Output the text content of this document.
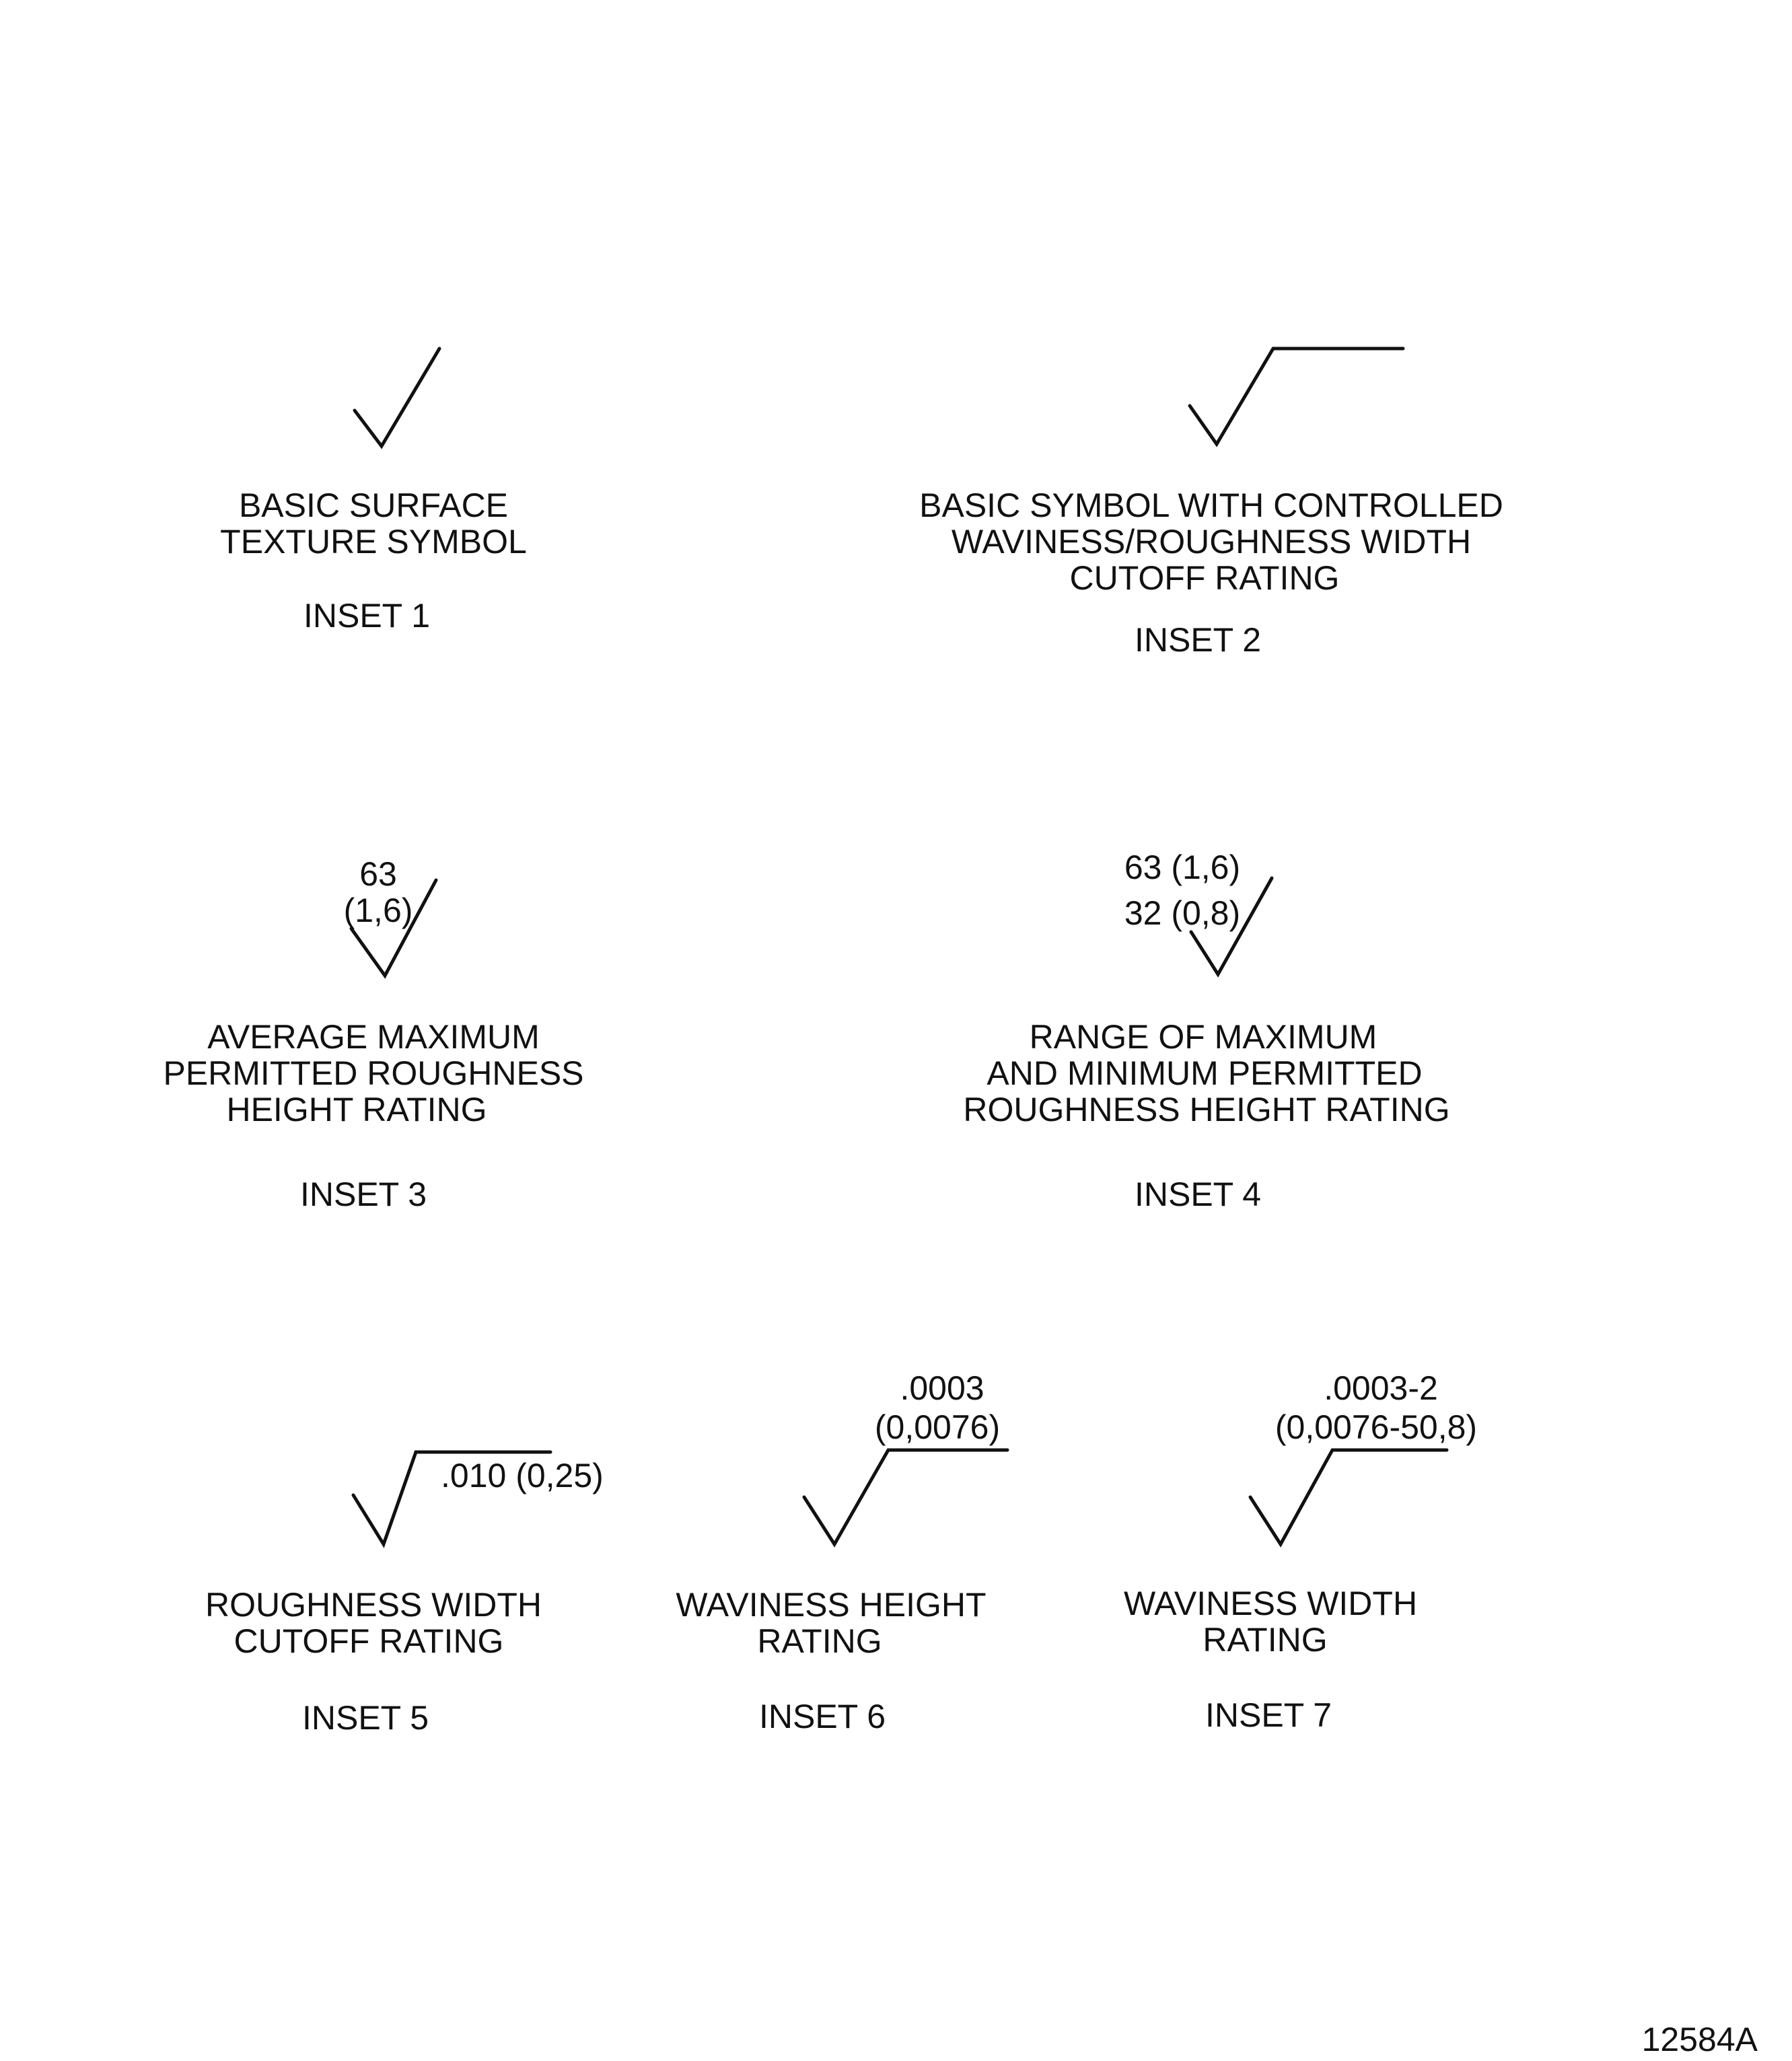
BASIC SURFACE
TEXTURE SYMBOL
INSET 1
BASIC SYMBOL WITH CONTROLLED
WAVINESS/ROUGHNESS WIDTH
CUTOFF RATING
INSET 2
63
(1,6)
AVERAGE MAXIMUM
PERMITTED ROUGHNESS
HEIGHT RATING
INSET 3
63 (1,6)
32 (0,8)
RANGE OF MAXIMUM
AND MINIMUM PERMITTED
ROUGHNESS HEIGHT RATING
INSET 4
.010 (0,25)
ROUGHNESS WIDTH
CUTOFF RATING
INSET 5
.0003
(0,0076)
WAVINESS HEIGHT
RATING
INSET 6
.0003-2
(0,0076-50,8)
WAVINESS WIDTH
RATING
INSET 7
12584A
